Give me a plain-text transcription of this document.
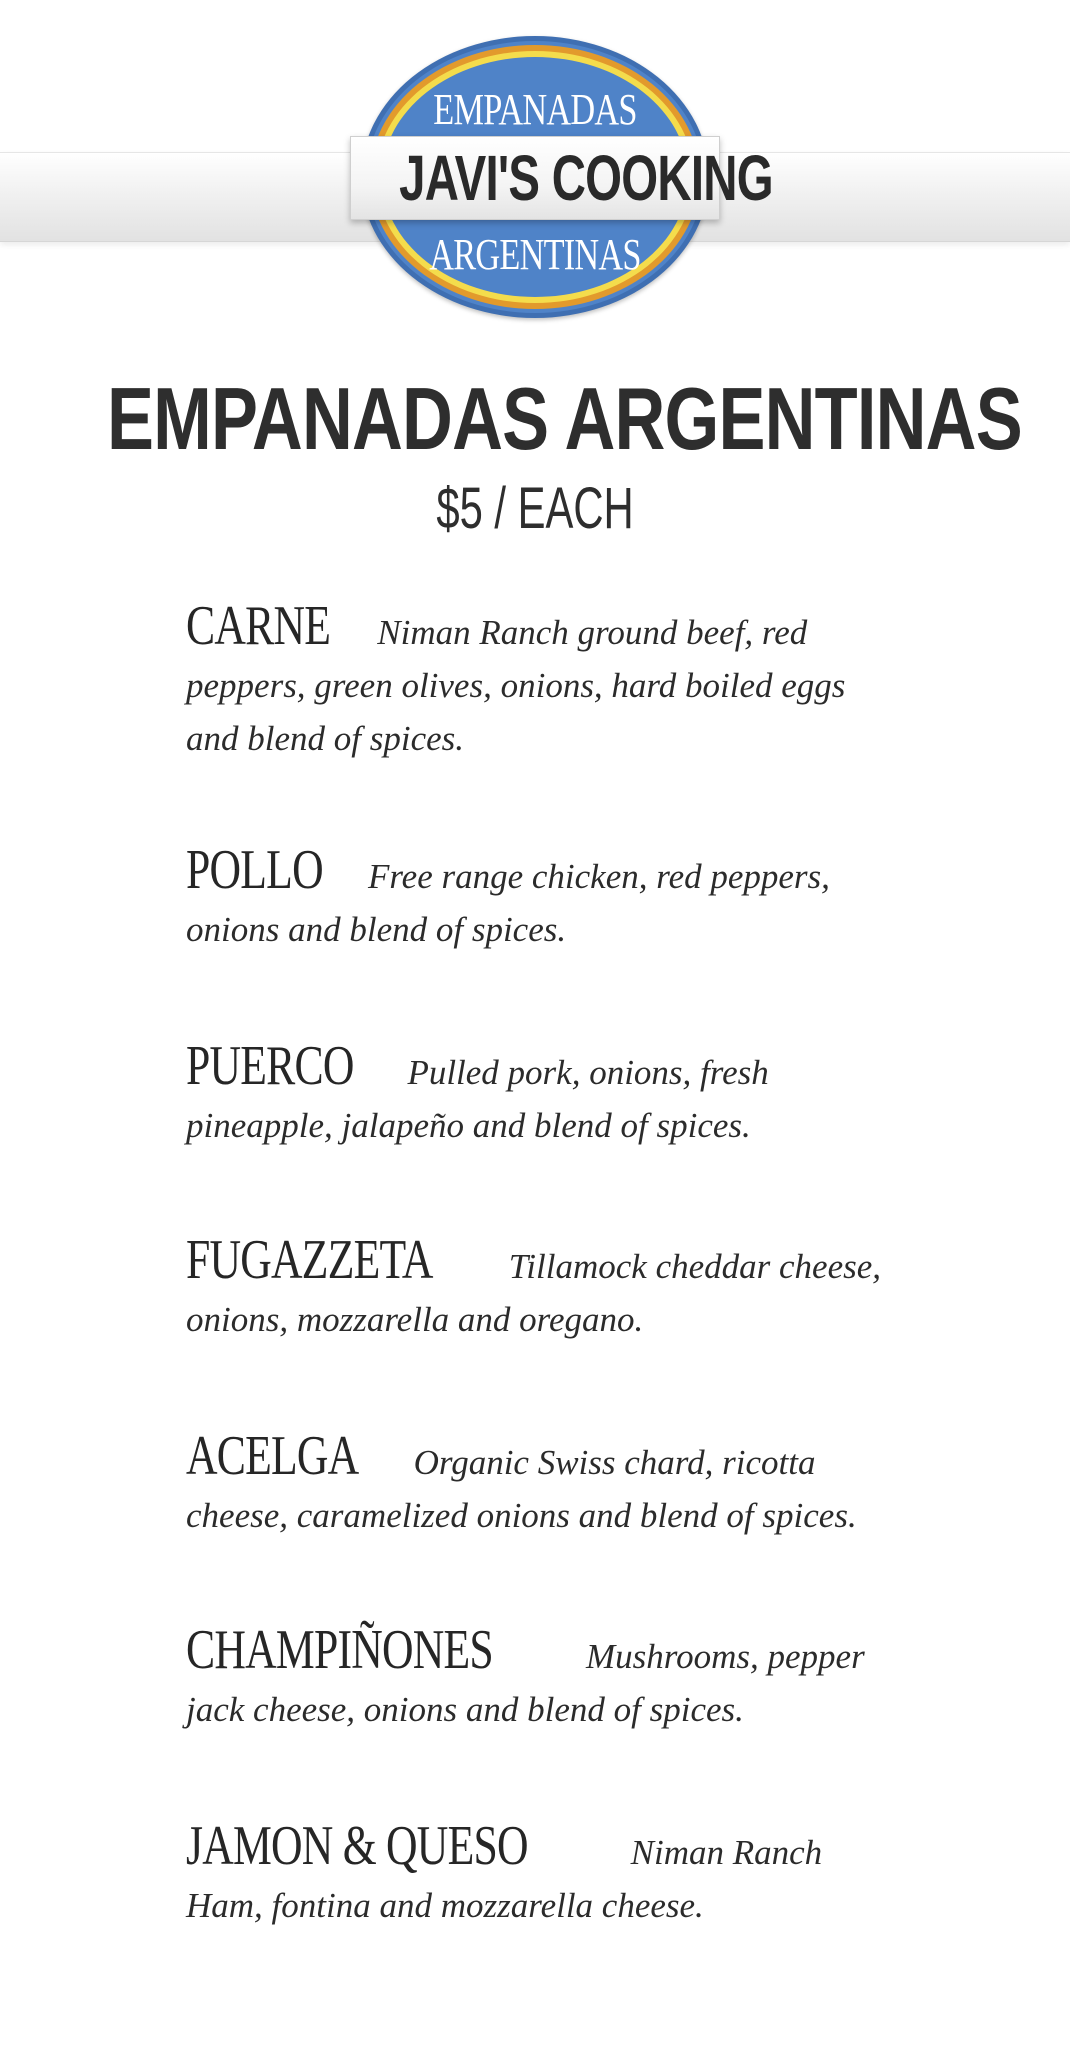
EMPANADAS
ARGENTINAS
JAVI'S COOKING
EMPANADAS ARGENTINAS
$5 / EACH
CARNE Niman Ranch ground beef, red peppers, green olives, onions, hard boiled eggs and blend of spices.
POLLO Free range chicken, red peppers, onions and blend of spices.
PUERCO Pulled pork, onions, fresh pineapple, jalapeño and blend of spices.
FUGAZZETA Tillamock cheddar cheese, onions, mozzarella and oregano.
ACELGA Organic Swiss chard, ricotta cheese, caramelized onions and blend of spices.
CHAMPIÑONES	Mushrooms, pepper jack cheese, onions and blend of spices.
JAMON & QUESO	Niman Ranch Ham, fontina and mozzarella cheese.
